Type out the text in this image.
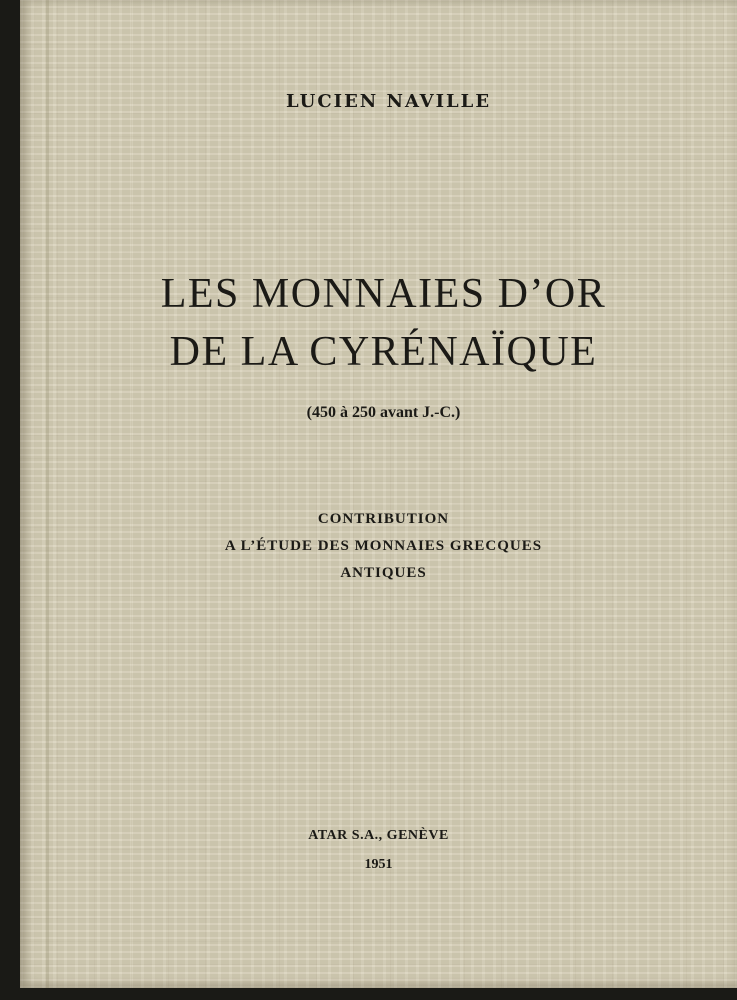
LUCIEN NAVILLE

LES MONNAIES D’OR
DE LA CYRÉNAÏQUE

(450 à 250 avant J.-C.)

CONTRIBUTION

A L’ÉTUDE DES MONNAIES GRECQUES

ANTIQUES

ATAR S.A., GENÈVE

1951
